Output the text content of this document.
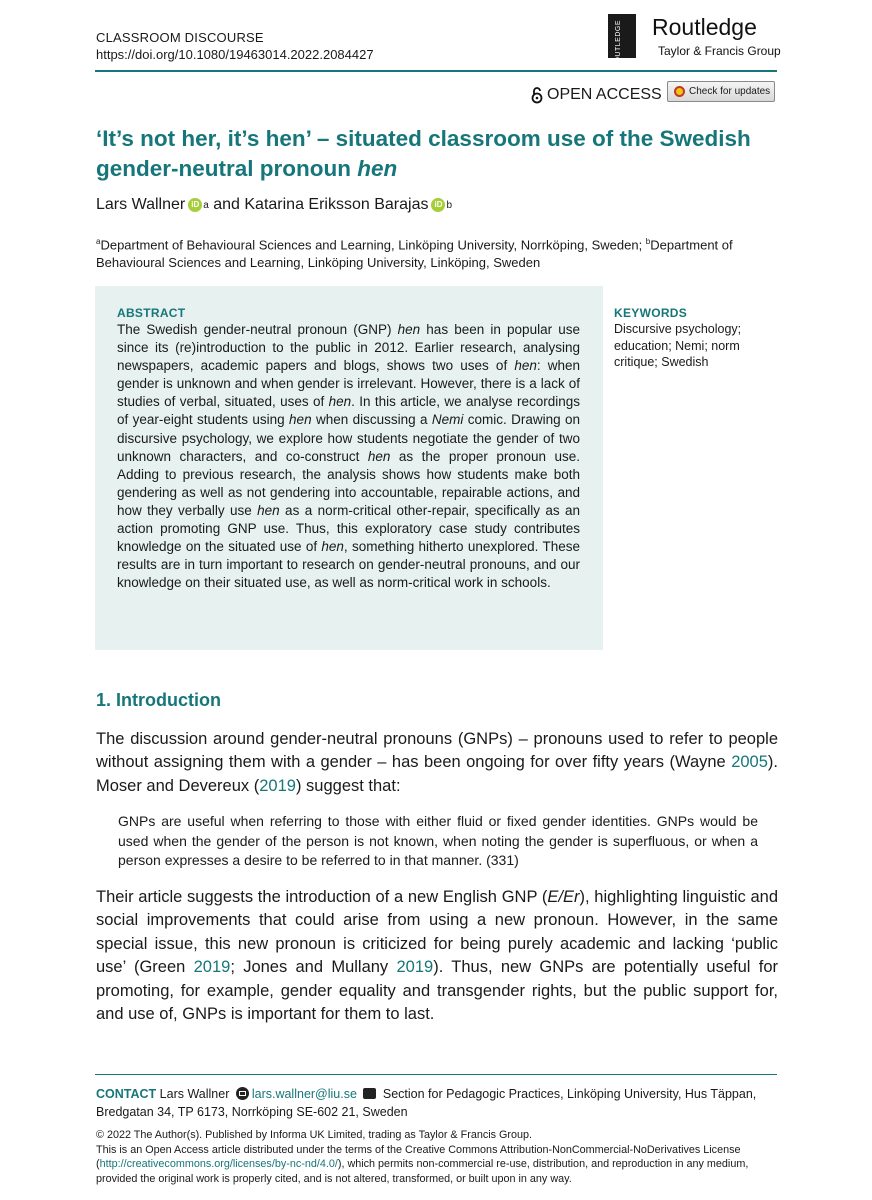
CLASSROOM DISCOURSE
https://doi.org/10.1080/19463014.2022.2084427	ROUTLEDGE Routledge
Taylor & Francis Group
OPEN ACCESS	Check for updates
‘It’s not her, it’s hen’ – situated classroom use of the Swedish gender-neutral pronoun hen
Lars Wallner iD a and Katarina Eriksson Barajas iD b
$^a$Department of Behavioural Sciences and Learning, Linköping University, Norrköping, Sweden; $^b$Department of Behavioural Sciences and Learning, Linköping University, Linköping, Sweden
ABSTRACT
The Swedish gender-neutral pronoun (GNP) hen has been in popular use since its (re)introduction to the public in 2012. Earlier research, analysing newspapers, academic papers and blogs, shows two uses of hen: when gender is unknown and when gender is irrelevant. However, there is a lack of studies of verbal, situated, uses of hen. In this article, we analyse recordings of year-eight students using hen when discussing a Nemi comic. Drawing on discursive psychology, we explore how students negotiate the gender of two unknown characters, and co-construct hen as the proper pronoun use. Adding to previous research, the analysis shows how students make both gendering as well as not gendering into accountable, repairable actions, and how they verbally use hen as a norm-critical other-repair, specifically as an action promoting GNP use. Thus, this exploratory case study contributes knowledge on the situated use of hen, something hitherto unexplored. These results are in turn important to research on gender-neutral pronouns, and our knowledge on their situated use, as well as norm-critical work in schools.
KEYWORDS
Discursive psychology; education; Nemi; norm critique; Swedish
1. Introduction
The discussion around gender-neutral pronouns (GNPs) – pronouns used to refer to people without assigning them with a gender – has been ongoing for over fifty years (Wayne 2005). Moser and Devereux (2019) suggest that:
GNPs are useful when referring to those with either fluid or fixed gender identities. GNPs would be used when the gender of the person is not known, when noting the gender is superfluous, or when a person expresses a desire to be referred to in that manner. (331)
Their article suggests the introduction of a new English GNP (E/Er), highlighting linguistic and social improvements that could arise from using a new pronoun. However, in the same special issue, this new pronoun is criticized for being purely academic and lacking ‘public use’ (Green 2019; Jones and Mullany 2019). Thus, new GNPs are potentially useful for promoting, for example, gender equality and transgender rights, but the public support for, and use of, GNPs is important for them to last.
CONTACT Lars Wallner lars.wallner@liu.se  Section for Pedagogic Practices, Linköping University, Hus Täppan, Bredgatan 34, TP 6173, Norrköping SE-602 21, Sweden
© 2022 The Author(s). Published by Informa UK Limited, trading as Taylor & Francis Group.
This is an Open Access article distributed under the terms of the Creative Commons Attribution-NonCommercial-NoDerivatives License (http://creativecommons.org/licenses/by-nc-nd/4.0/), which permits non-commercial re-use, distribution, and reproduction in any medium, provided the original work is properly cited, and is not altered, transformed, or built upon in any way.
